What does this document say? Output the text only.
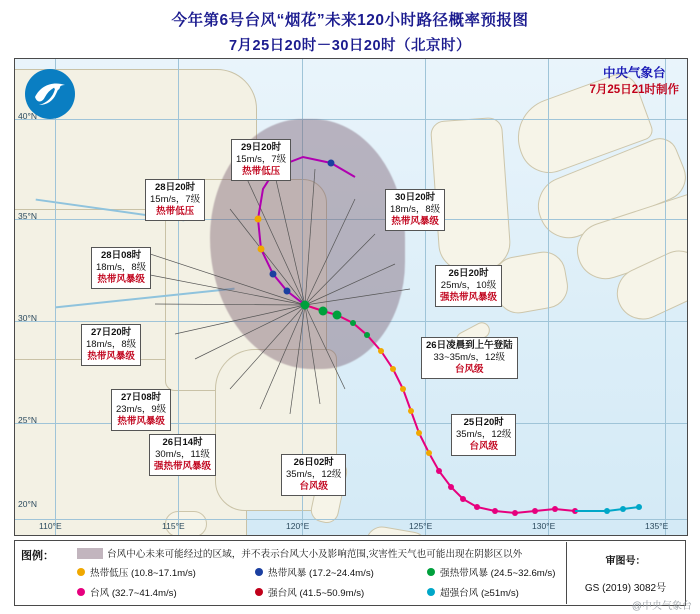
今年第6号台风“烟花”未来120小时路径概率预报图
7月25日20时－30日20时（北京时）
110°E	115°E	120°E	125°E	130°E	135°E
40°N
35°N
30°N
25°N
20°N
中央气象台
7月25日21时制作
29日20时
15m/s，7级
热带低压
28日20时
15m/s，7级
热带低压
28日08时
18m/s，8级
热带风暴级
27日20时
18m/s，8级
热带风暴级
27日08时
23m/s，9级
热带风暴级
26日14时
30m/s，11级
强热带风暴级	26日02时
35m/s，12级
台风级
25日20时
35m/s，12级
台风级
26日凌晨到上午登陆
33~35m/s，12级
台风级
26日20时
25m/s，10级
强热带风暴级
30日20时
18m/s，8级
热带风暴级
图例：	台风中心未来可能经过的区域，并不表示台风大小及影响范围,灾害性天气也可能出现在阴影区以外
热带低压 (10.8~17.1m/s)	热带风暴 (17.2~24.4m/s)	强热带风暴 (24.5~32.6m/s)
台风 (32.7~41.4m/s)	强台风 (41.5~50.9m/s)	超强台风 (≥51m/s)
审图号：
GS (2019) 3082号
@中央气象台
